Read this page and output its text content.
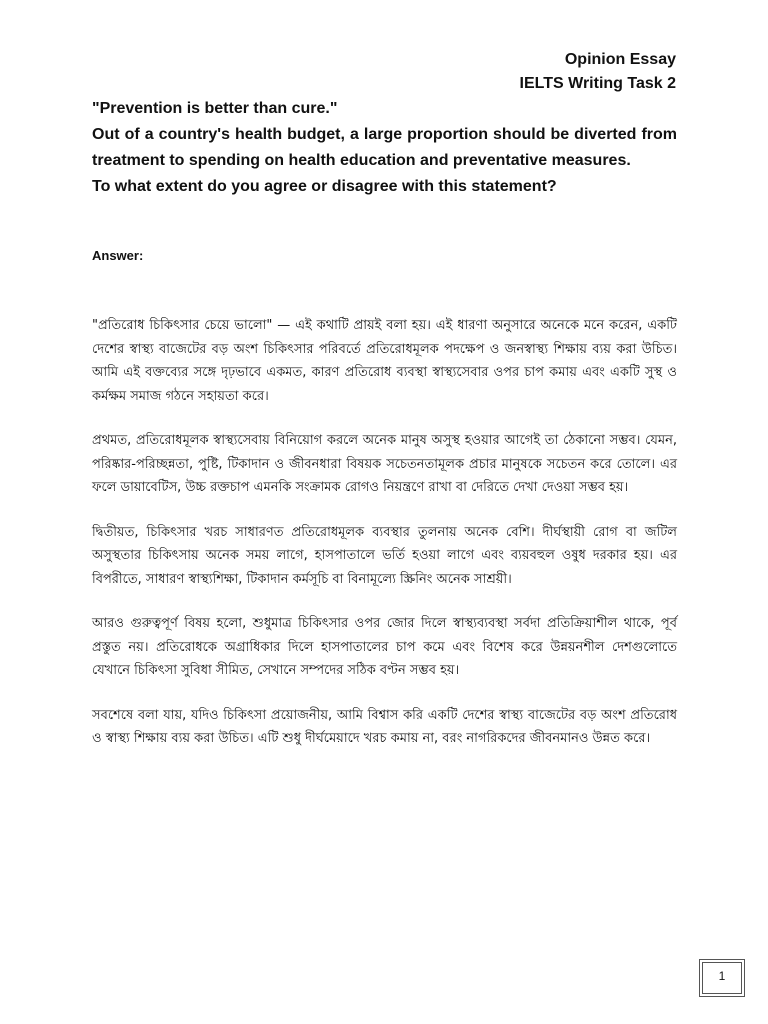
Opinion Essay
IELTS Writing Task 2

"Prevention is better than cure."

Out of a country's health budget, a large proportion should be diverted from treatment to spending on health education and preventative measures.

To what extent do you agree or disagree with this statement?

Answer:

"প্রতিরোধ চিকিৎসার চেয়ে ভালো" — এই কথাটি প্রায়ই বলা হয়। এই ধারণা অনুসারে অনেকে মনে করেন, একটি দেশের স্বাস্থ্য বাজেটের বড় অংশ চিকিৎসার পরিবর্তে প্রতিরোধমূলক পদক্ষেপ ও জনস্বাস্থ্য শিক্ষায় ব্যয় করা উচিত। আমি এই বক্তব্যের সঙ্গে দৃঢ়ভাবে একমত, কারণ প্রতিরোধ ব্যবস্থা স্বাস্থ্যসেবার ওপর চাপ কমায় এবং একটি সুস্থ ও কর্মক্ষম সমাজ গঠনে সহায়তা করে।

প্রথমত, প্রতিরোধমূলক স্বাস্থ্যসেবায় বিনিয়োগ করলে অনেক মানুষ অসুস্থ হওয়ার আগেই তা ঠেকানো সম্ভব। যেমন, পরিষ্কার-পরিচ্ছন্নতা, পুষ্টি, টিকাদান ও জীবনধারা বিষয়ক সচেতনতামূলক প্রচার মানুষকে সচেতন করে তোলে। এর ফলে ডায়াবেটিস, উচ্চ রক্তচাপ এমনকি সংক্রামক রোগও নিয়ন্ত্রণে রাখা বা দেরিতে দেখা দেওয়া সম্ভব হয়।

দ্বিতীয়ত, চিকিৎসার খরচ সাধারণত প্রতিরোধমূলক ব্যবস্থার তুলনায় অনেক বেশি। দীর্ঘস্থায়ী রোগ বা জটিল অসুস্থতার চিকিৎসায় অনেক সময় লাগে, হাসপাতালে ভর্তি হওয়া লাগে এবং ব্যয়বহুল ওষুধ দরকার হয়। এর বিপরীতে, সাধারণ স্বাস্থ্যশিক্ষা, টিকাদান কর্মসূচি বা বিনামূল্যে স্ক্রিনিং অনেক সাশ্রয়ী।

আরও গুরুত্বপূর্ণ বিষয় হলো, শুধুমাত্র চিকিৎসার ওপর জোর দিলে স্বাস্থ্যব্যবস্থা সর্বদা প্রতিক্রিয়াশীল থাকে, পূর্ব প্রস্তুত নয়। প্রতিরোধকে অগ্রাধিকার দিলে হাসপাতালের চাপ কমে এবং বিশেষ করে উন্নয়নশীল দেশগুলোতে যেখানে চিকিৎসা সুবিধা সীমিত, সেখানে সম্পদের সঠিক বণ্টন সম্ভব হয়।

সবশেষে বলা যায়, যদিও চিকিৎসা প্রয়োজনীয়, আমি বিশ্বাস করি একটি দেশের স্বাস্থ্য বাজেটের বড় অংশ প্রতিরোধ ও স্বাস্থ্য শিক্ষায় ব্যয় করা উচিত। এটি শুধু দীর্ঘমেয়াদে খরচ কমায় না, বরং নাগরিকদের জীবনমানও উন্নত করে।

1
